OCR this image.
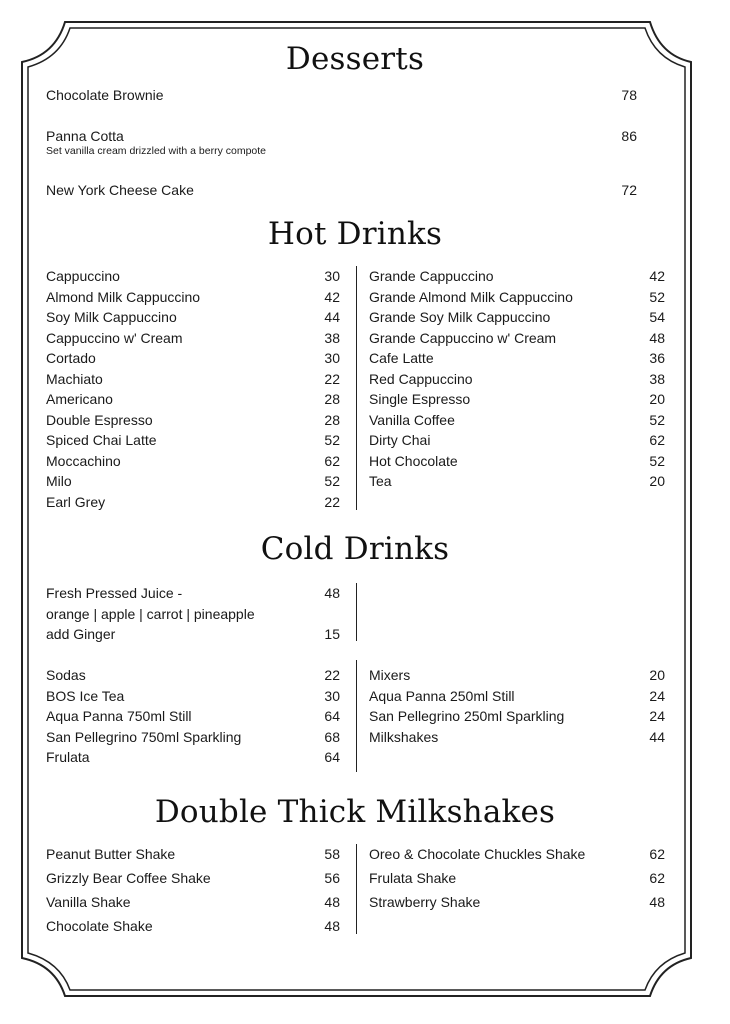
Desserts
Chocolate Brownie	78
Panna Cotta	86
Set vanilla cream drizzled with a berry compote
New York Cheese Cake	72
Hot Drinks
Cappuccino	30
Almond Milk Cappuccino	42
Soy Milk Cappuccino	44
Cappuccino w' Cream	38
Cortado	30
Machiato	22
Americano	28
Double Espresso	28
Spiced Chai Latte	52
Moccachino	62
Milo	52
Earl Grey	22
Grande Cappuccino	42
Grande Almond Milk Cappuccino	52
Grande Soy Milk Cappuccino	54
Grande Cappuccino w' Cream	48
Cafe Latte	36
Red Cappuccino	38
Single Espresso	20
Vanilla Coffee	52
Dirty Chai	62
Hot Chocolate	52
Tea	20
Cold Drinks
Fresh Pressed Juice -	48
orange | apple | carrot | pineapple
add Ginger	15
Sodas	22
BOS Ice Tea	30
Aqua Panna 750ml Still	64
San Pellegrino 750ml Sparkling	68
Frulata	64
Mixers	20
Aqua Panna 250ml Still	24
San Pellegrino 250ml Sparkling	24
Milkshakes	44
Double Thick Milkshakes
Peanut Butter Shake	58
Grizzly Bear Coffee Shake	56
Vanilla Shake	48
Chocolate Shake	48
Oreo & Chocolate Chuckles Shake	62
Frulata Shake	62
Strawberry Shake	48
